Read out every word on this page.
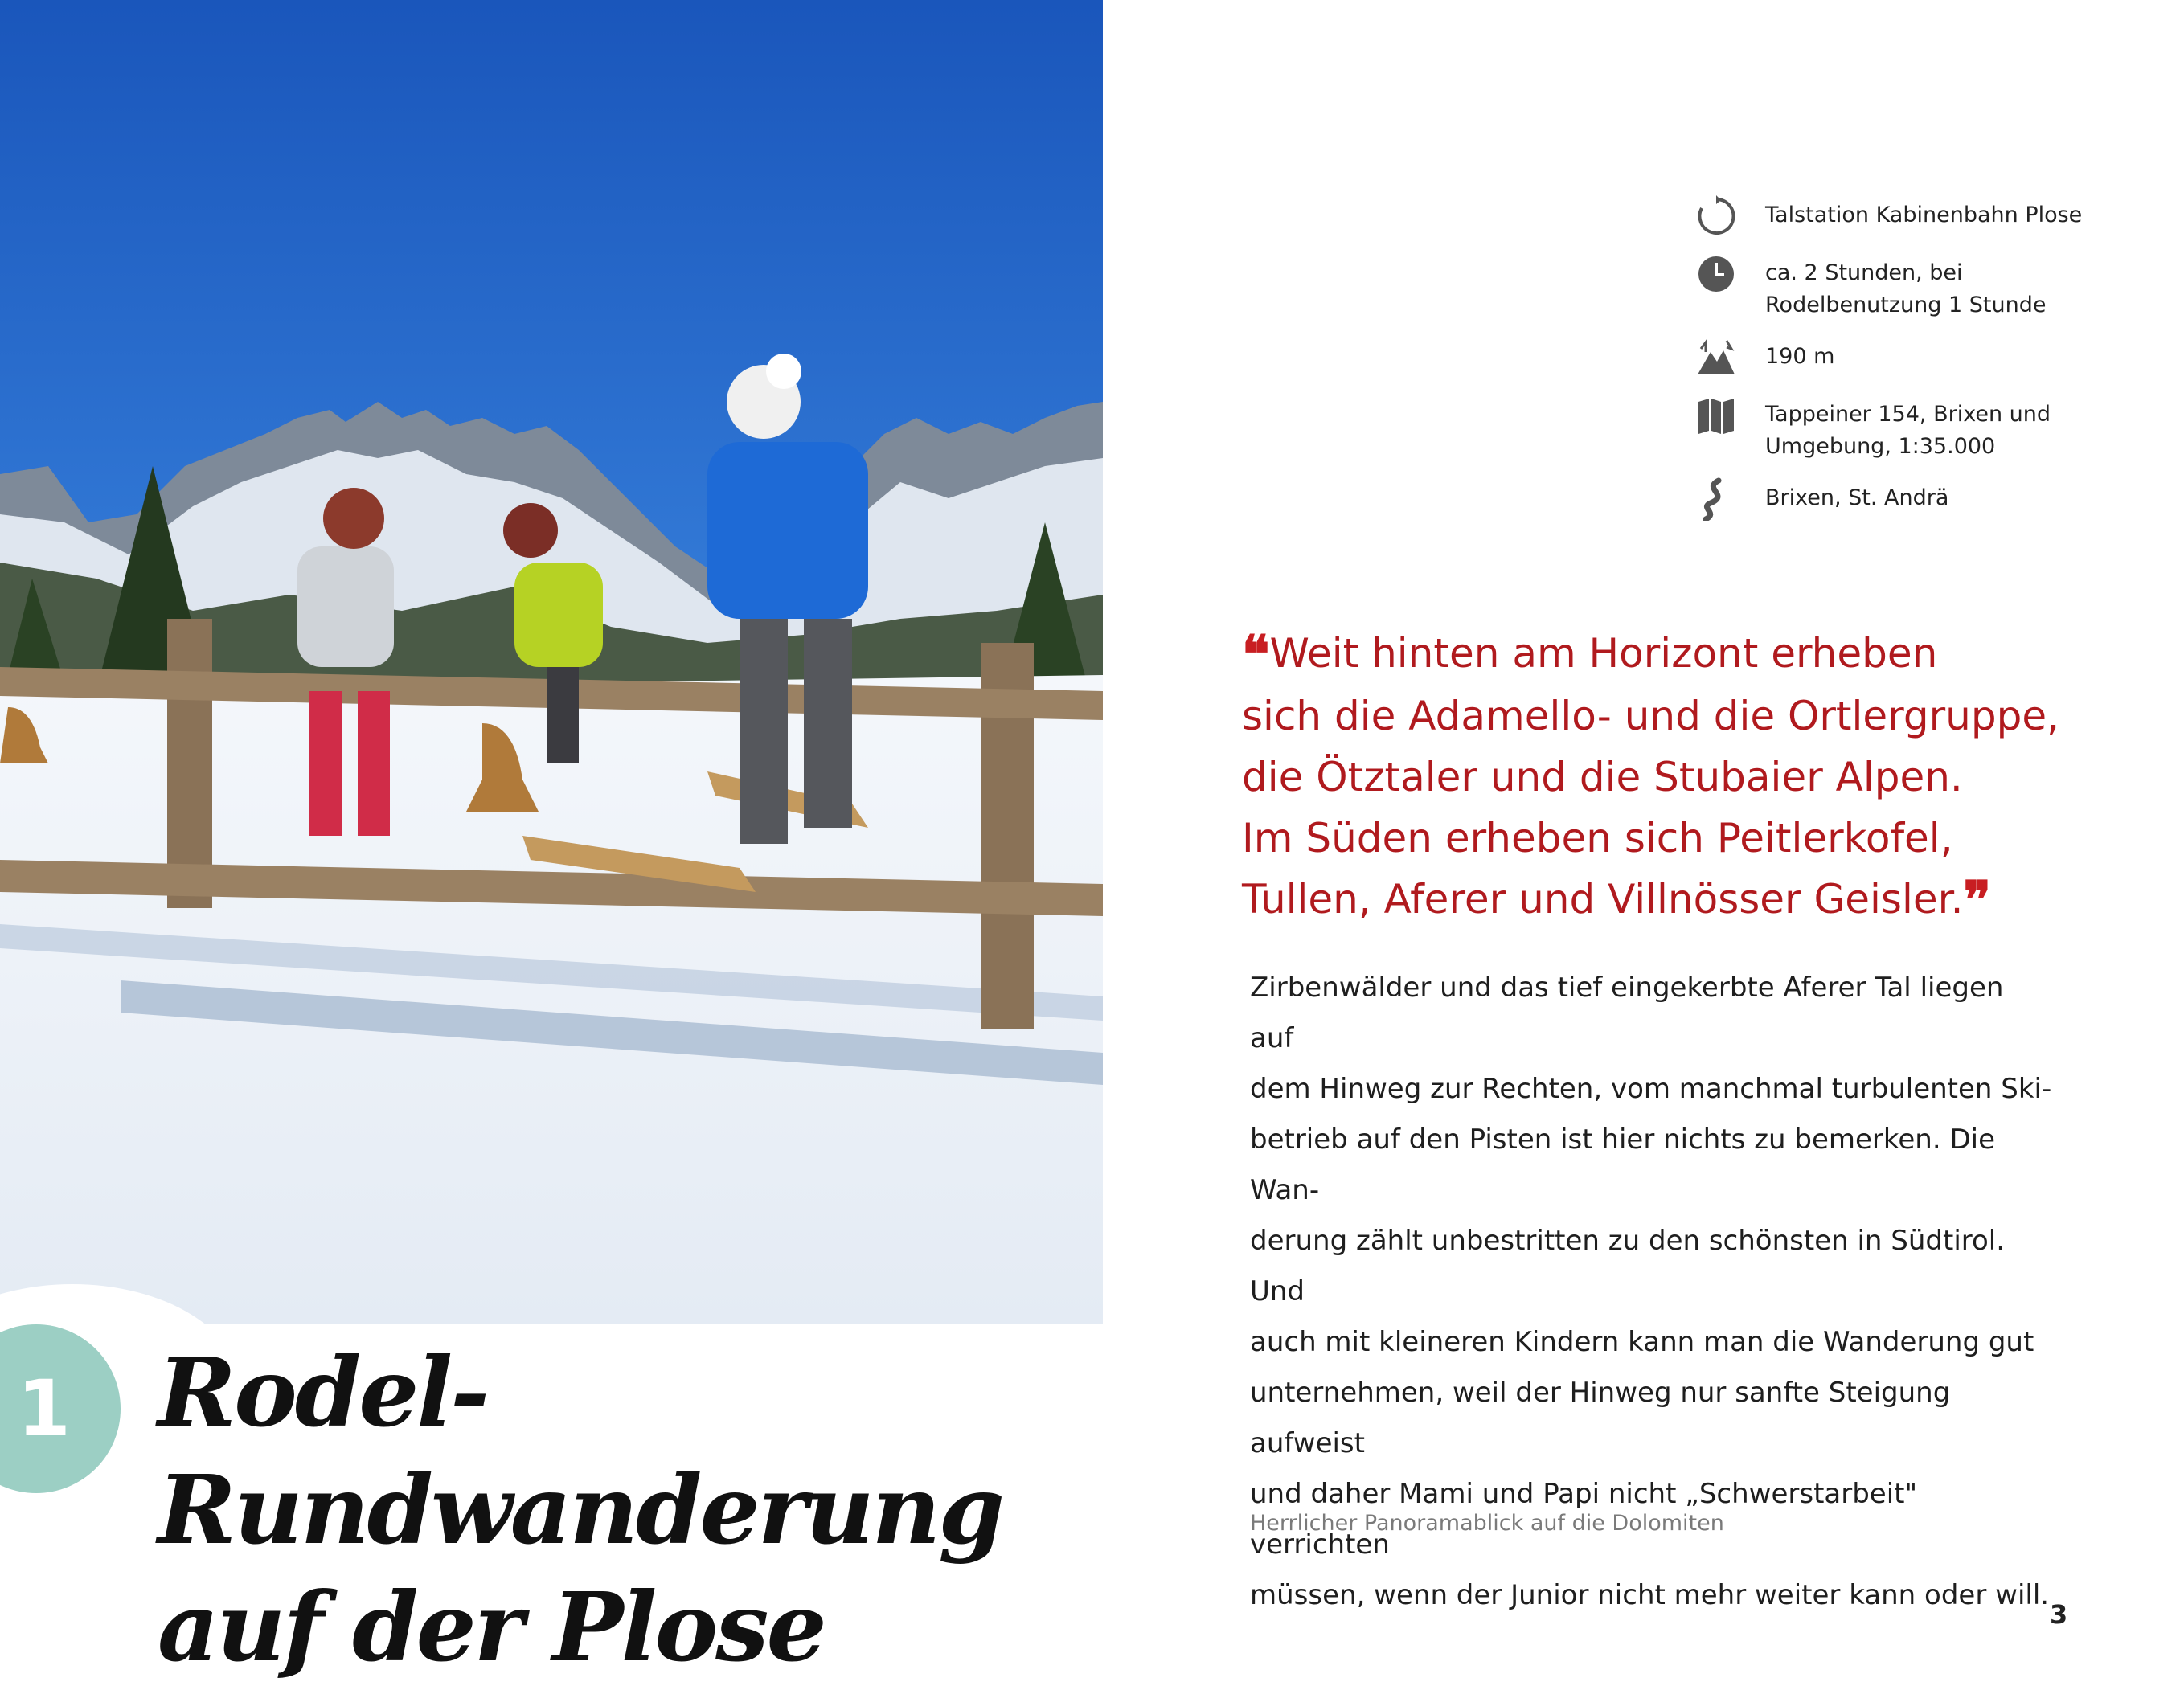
1 Rodel-Rundwanderung
auf der Plose
Talstation Kabinenbahn Plose
ca. 2 Stunden, bei
Rodelbenutzung 1 Stunde
190 m
Tappeiner 154, Brixen und
Umgebung, 1:35.000
Brixen, St. Andrä
❝Weit hinten am Horizont erheben
sich die Adamello- und die Ortlergruppe,
die Ötztaler und die Stubaier Alpen.
Im Süden erheben sich Peitlerkofel,
Tullen, Aferer und Villnösser Geisler.❞
Zirbenwälder und das tief eingekerbte Aferer Tal liegen auf
dem Hinweg zur Rechten, vom manchmal turbulenten Ski-
betrieb auf den Pisten ist hier nichts zu bemerken. Die Wan-
derung zählt unbestritten zu den schönsten in Südtirol. Und
auch mit kleineren Kindern kann man die Wanderung gut
unternehmen, weil der Hinweg nur sanfte Steigung aufweist
und daher Mami und Papi nicht „Schwerstarbeit" verrichten
müssen, wenn der Junior nicht mehr weiter kann oder will.
Herrlicher Panoramablick auf die Dolomiten
3
